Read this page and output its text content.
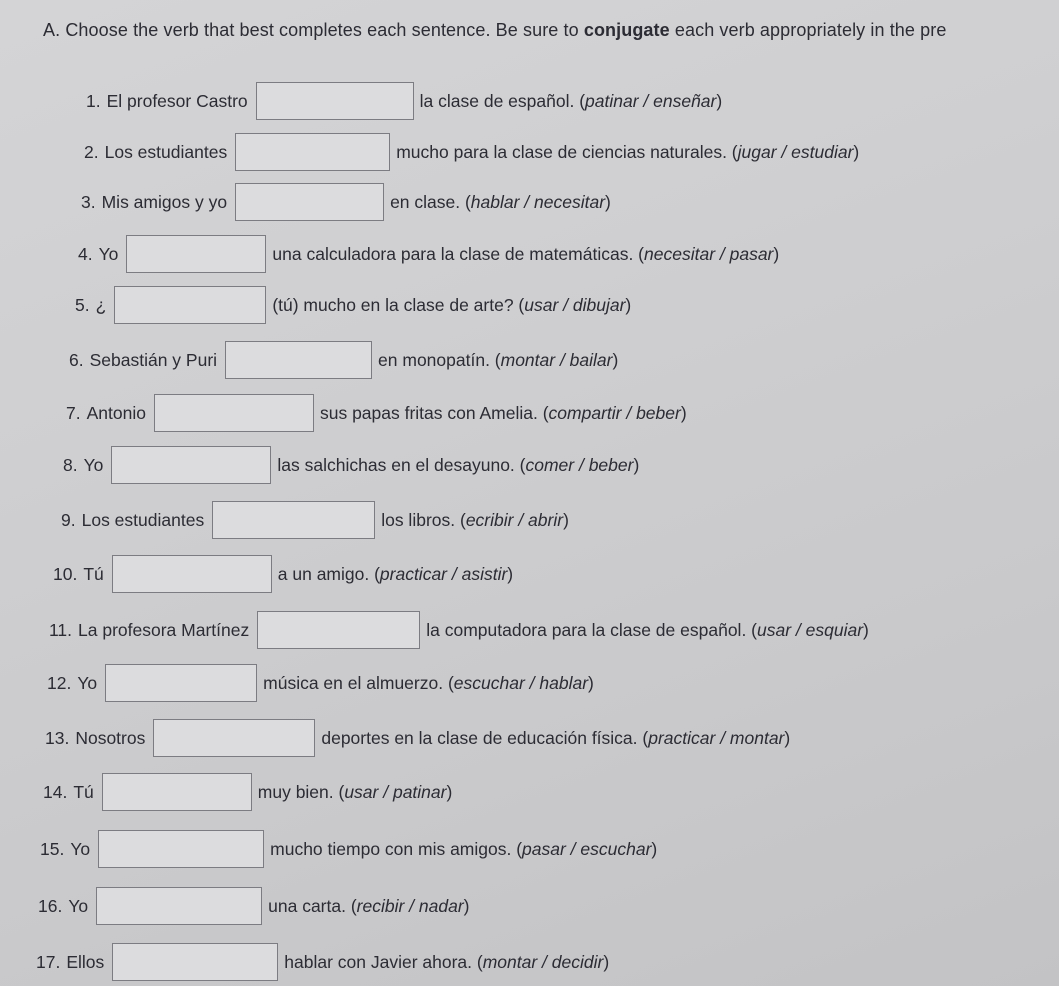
A. Choose the verb that best completes each sentence. Be sure to conjugate each verb appropriately in the pre
1. El profesor Castro	la clase de español. ( patinar / enseñar )
2. Los estudiantes	mucho para la clase de ciencias naturales. ( jugar / estudiar )
3. Mis amigos y yo	en clase. ( hablar / necesitar )
4. Yo	una calculadora para la clase de matemáticas. ( necesitar / pasar )
5. ¿	(tú) mucho en la clase de arte? ( usar / dibujar )
6. Sebastián y Puri	en monopatín. ( montar / bailar )
7. Antonio	sus papas fritas con Amelia. ( compartir / beber )
8. Yo	las salchichas en el desayuno. ( comer / beber )
9. Los estudiantes	los libros. ( ecribir / abrir )
10. Tú	a un amigo. ( practicar / asistir )
11. La profesora Martínez	la computadora para la clase de español. ( usar / esquiar )
12. Yo	música en el almuerzo. ( escuchar / hablar )
13. Nosotros	deportes en la clase de educación física. ( practicar / montar )
14. Tú	muy bien. ( usar / patinar )
15. Yo	mucho tiempo con mis amigos. ( pasar / escuchar )
16. Yo	una carta. ( recibir / nadar )
17. Ellos	hablar con Javier ahora. ( montar / decidir )
